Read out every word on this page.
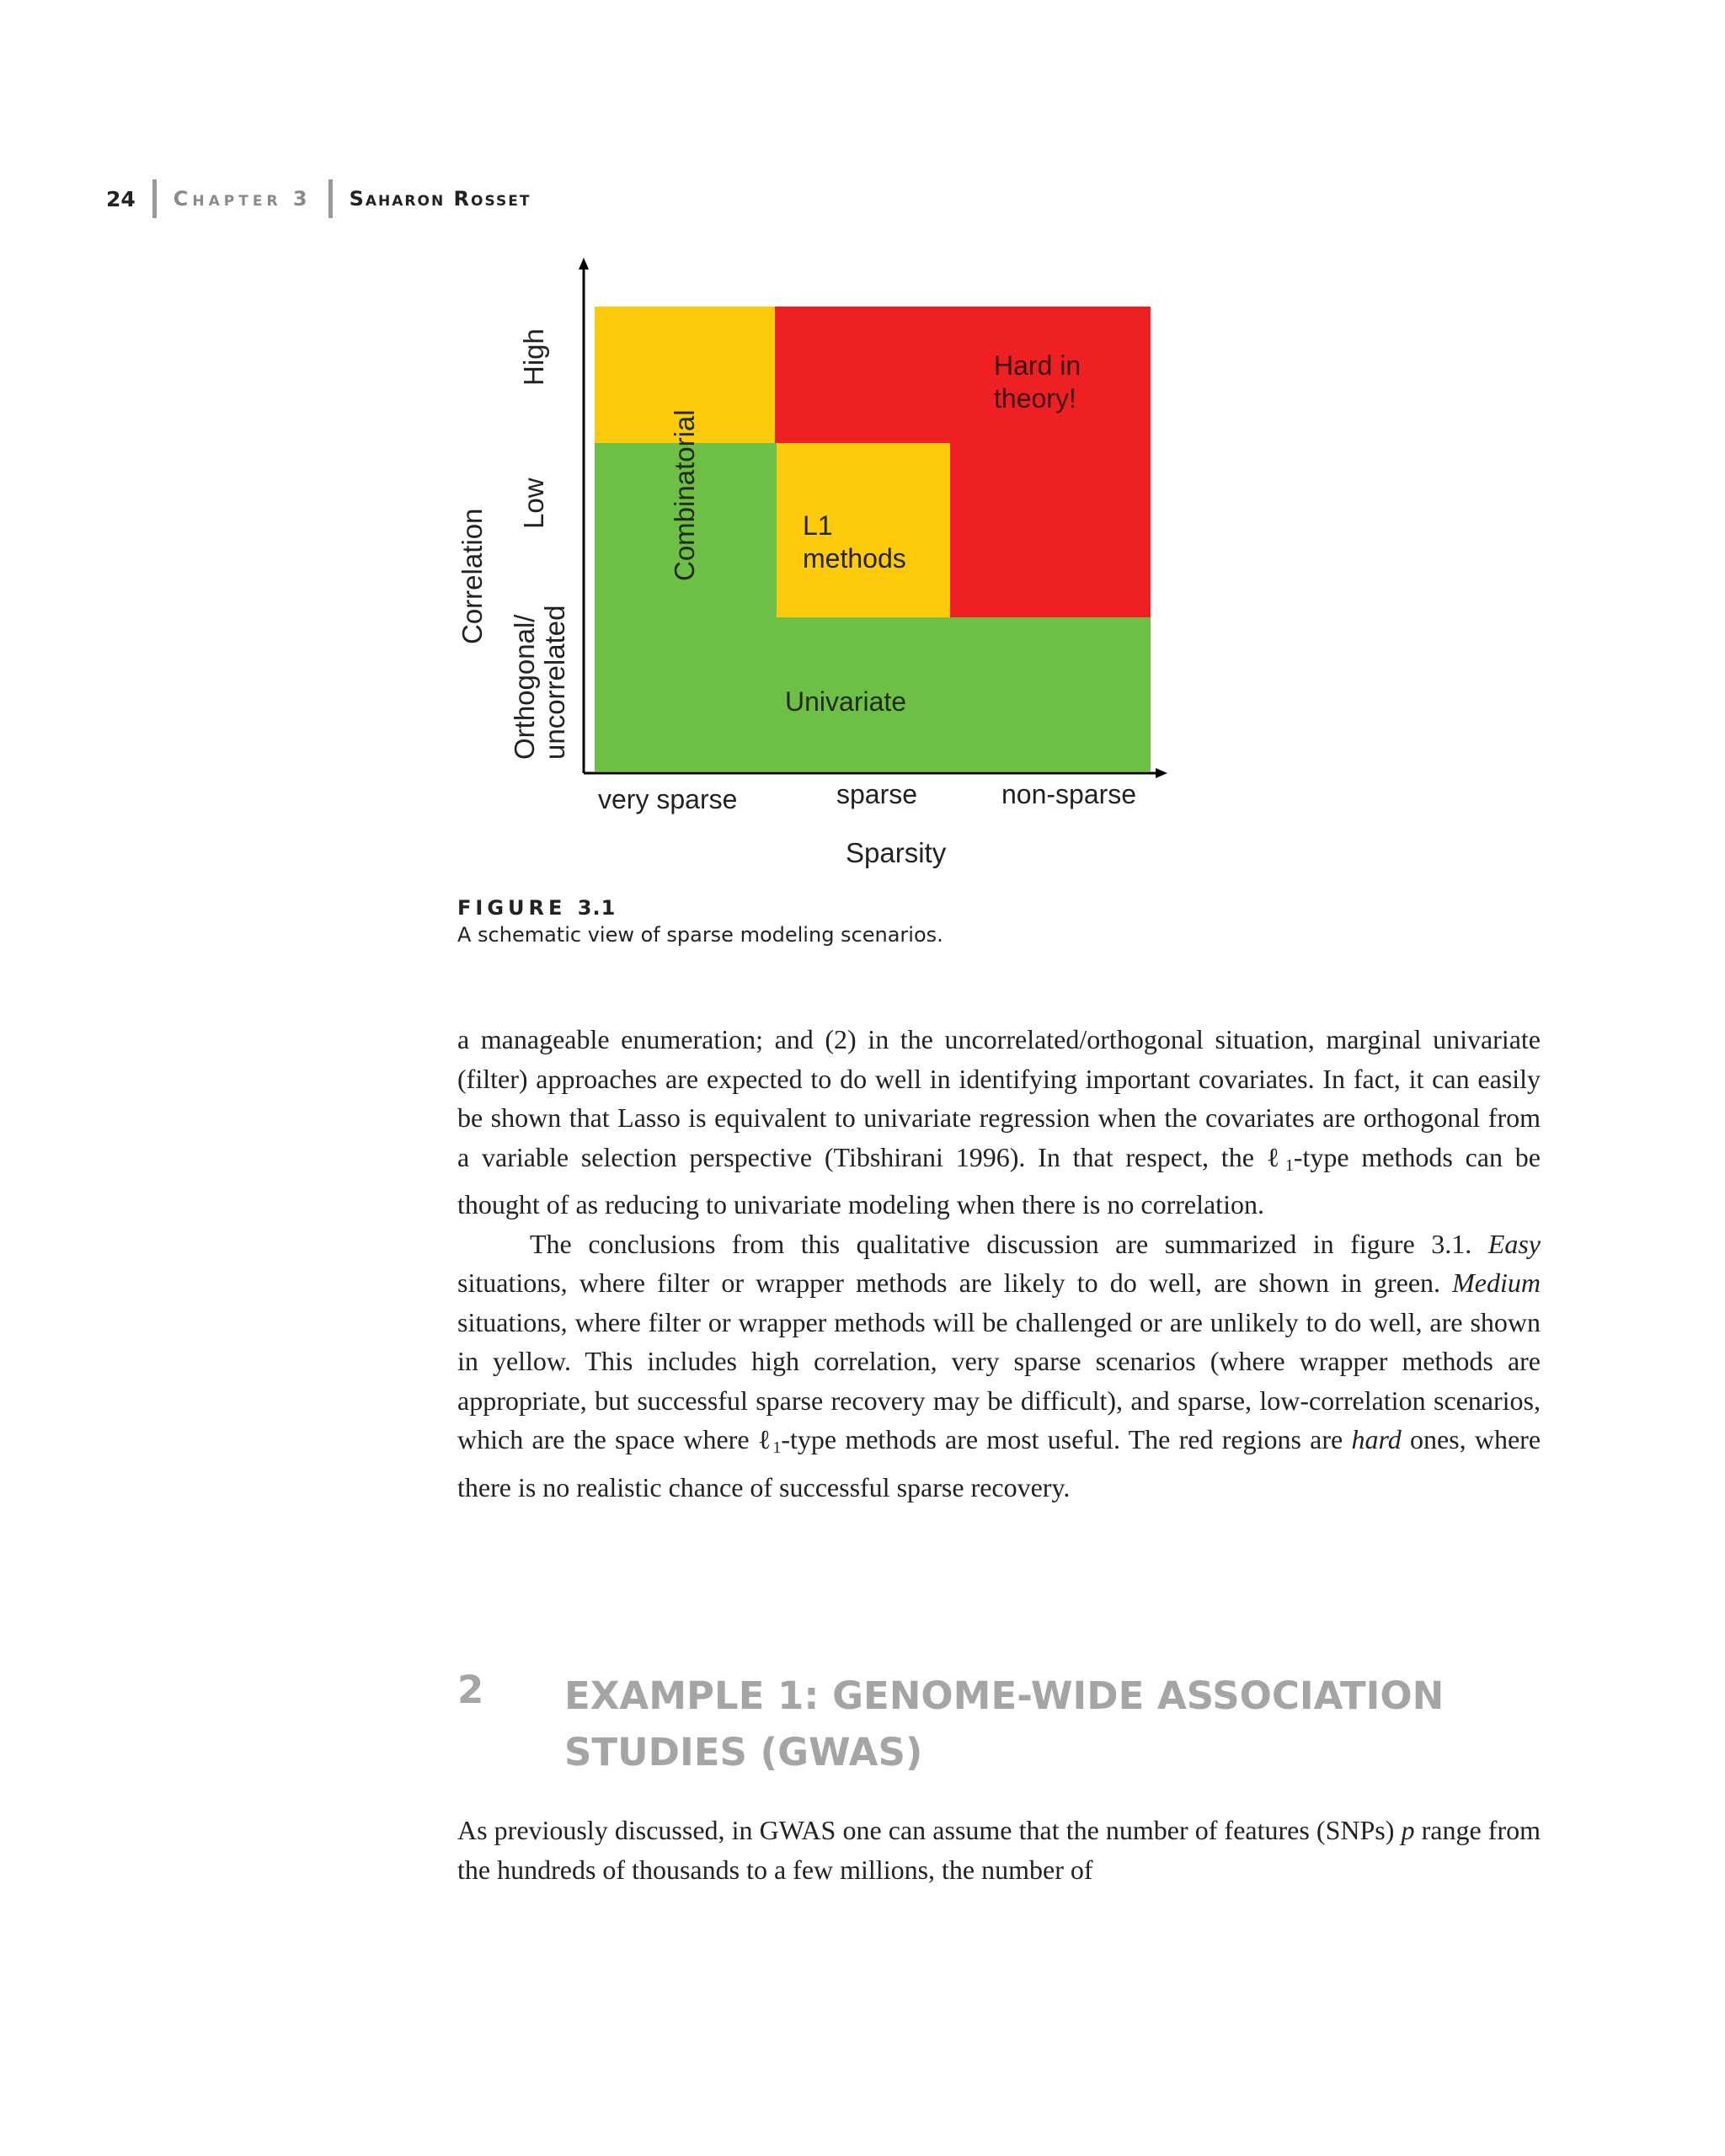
24 Chapter 3 Saharon Rosset
Hard in
theory!
L1
methods
Univariate
Combinatorial
very sparse	sparse	non-sparse
Sparsity
High
Low
Orthogonal/ uncorrelated
Correlation
FIGURE 3.1
A schematic view of sparse modeling scenarios.

a manageable enumeration; and (2) in the uncorrelated/orthogonal situation, marginal univariate (filter) approaches are expected to do well in identifying important covariates. In fact, it can easily be shown that Lasso is equivalent to univariate regression when the covariates are orthogonal from a variable selection perspective (Tibshirani 1996). In that respect, the ℓ$_1$-type methods can be thought of as reducing to univariate modeling when there is no correlation.

The conclusions from this qualitative discussion are summarized in figure 3.1. Easy situations, where filter or wrapper methods are likely to do well, are shown in green. Medium situations, where filter or wrapper methods will be challenged or are unlikely to do well, are shown in yellow. This includes high correlation, very sparse scenarios (where wrapper methods are appropriate, but successful sparse recovery may be difficult), and sparse, low-correlation scenarios, which are the space where ℓ$_1$-type methods are most useful. The red regions are hard ones, where there is no realistic chance of successful sparse recovery.

2 EXAMPLE 1: GENOME-WIDE ASSOCIATION STUDIES (GWAS)

As previously discussed, in GWAS one can assume that the number of features (SNPs) p range from the hundreds of thousands to a few millions, the number of
